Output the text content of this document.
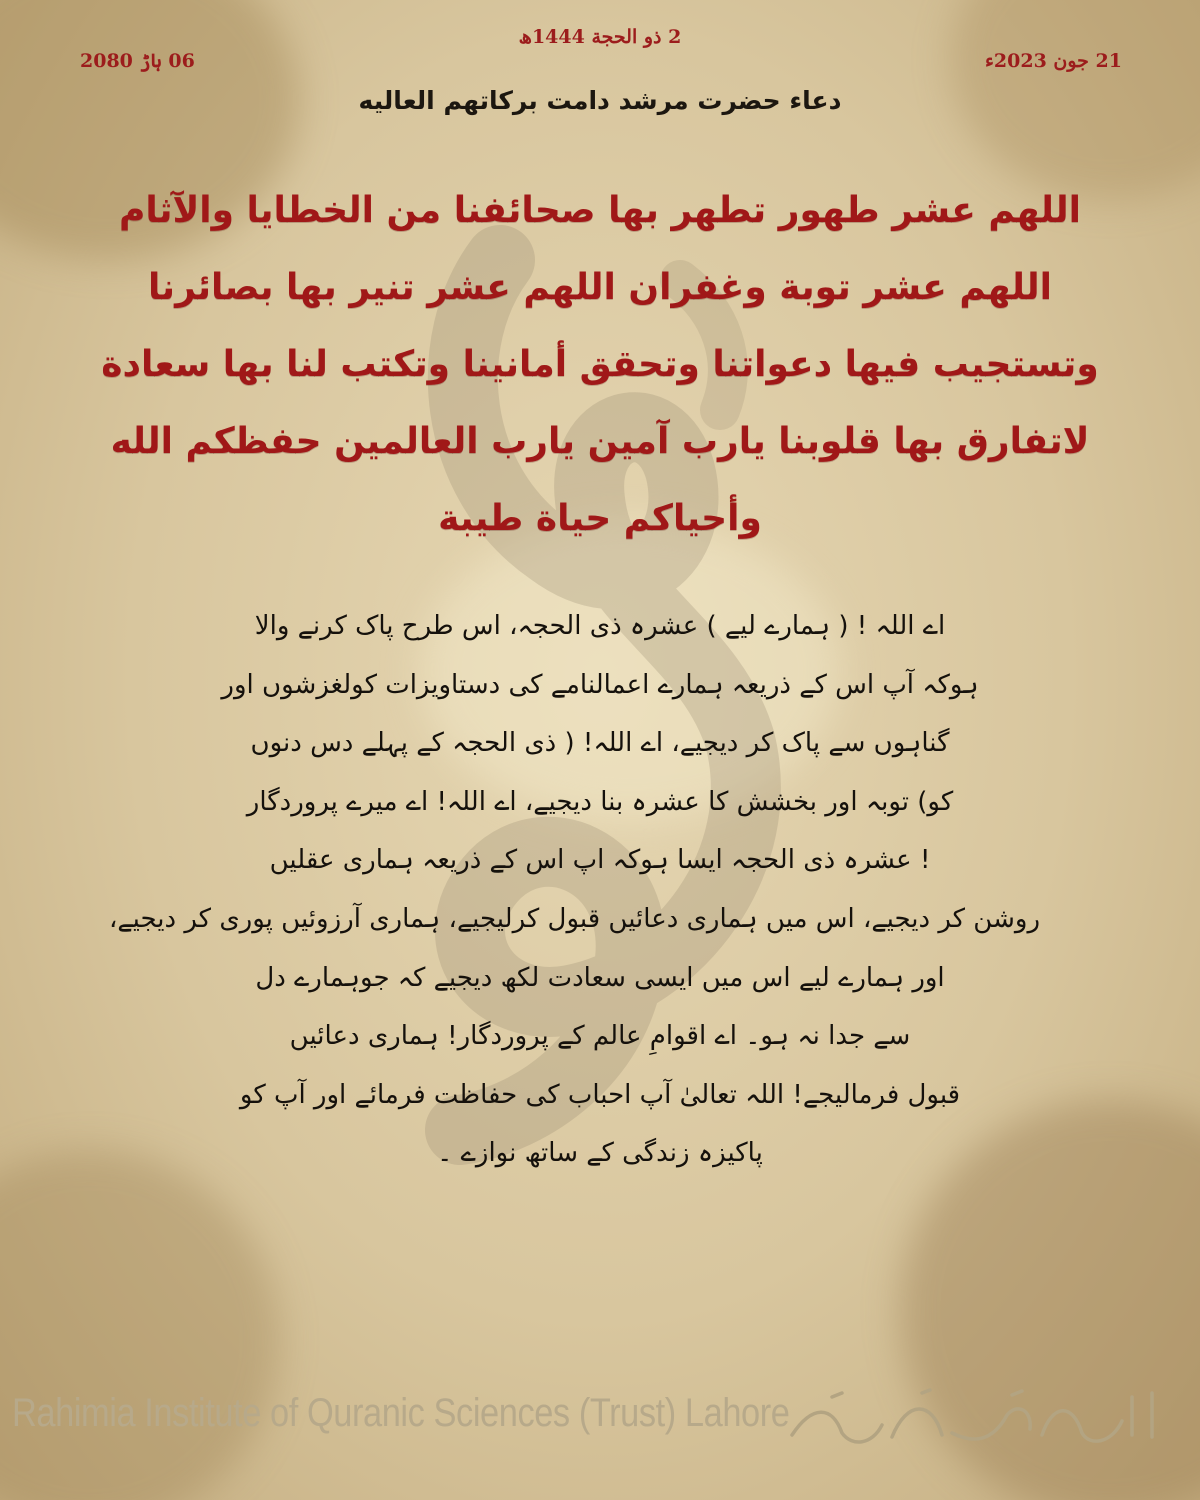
2 ذو الحجة 1444ھ
21 جون 2023ء
06 ہاڑ 2080
دعاء حضرت مرشد دامت برکاتهم العالیه
اللهم عشر طهور تطهر بها صحائفنا من الخطايا والآثام
اللهم عشر توبة وغفران اللهم عشر تنير بها بصائرنا
وتستجيب فيها دعواتنا وتحقق أمانينا وتكتب لنا بها سعادة
لاتفارق بها قلوبنا يارب آمين يارب العالمين حفظكم الله
وأحياكم حياة طيبة
اے اللہ ! ( ہمارے لیے ) عشرہ ذی الحجہ، اس طرح پاک کرنے والا
ہوکہ آپ اس کے ذریعہ ہمارے اعمالنامے کی دستاویزات کولغزشوں اور
گناہوں سے پاک کر دیجیے، اے اللہ! ( ذی الحجہ کے پہلے دس دنوں
کو) توبہ اور بخشش کا عشرہ بنا دیجیے، اے اللہ! اے میرے پروردگار
! عشرہ ذی الحجہ ایسا ہوکہ اپ اس کے ذریعہ ہماری عقلیں
روشن کر دیجیے، اس میں ہماری دعائیں قبول کرلیجیے، ہماری آرزوئیں پوری کر دیجیے،
اور ہمارے لیے اس میں ایسی سعادت لکھ دیجیے کہ جوہمارے دل
سے جدا نہ ہو۔ اے اقوامِ عالم کے پروردگار! ہماری دعائیں
قبول فرمالیجے! اللہ تعالیٰ آپ احباب کی حفاظت فرمائے اور آپ کو
پاکیزہ زندگی کے ساتھ نوازے ۔
Rahimia Institute of Quranic Sciences (Trust) Lahore
